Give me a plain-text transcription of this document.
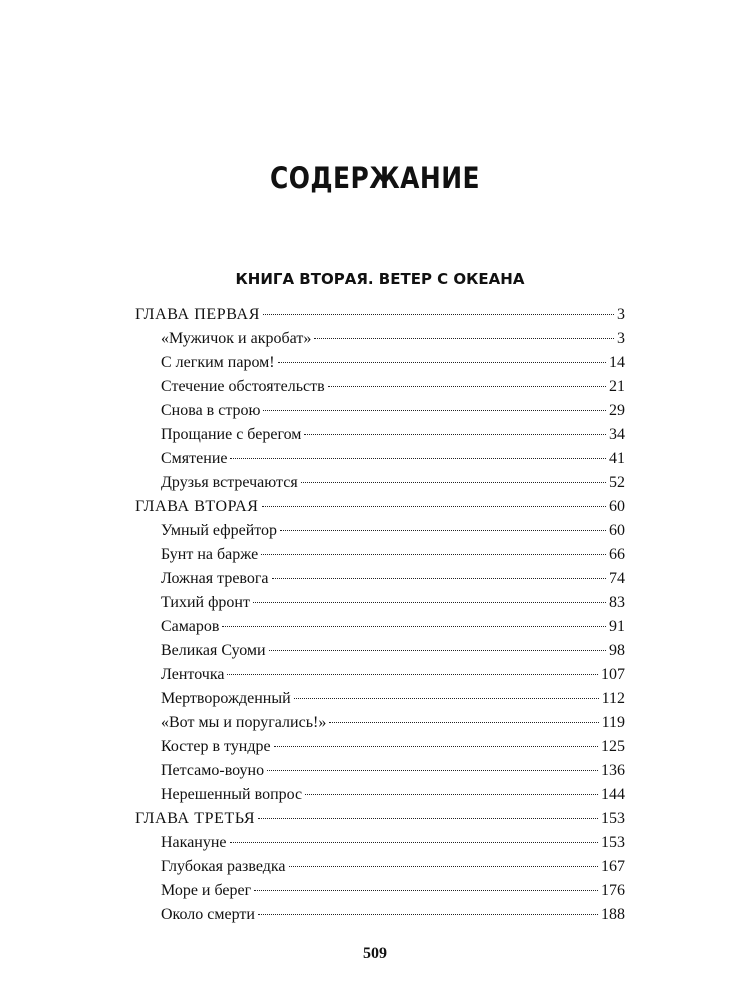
СОДЕРЖАНИЕ
КНИГА ВТОРАЯ. ВЕТЕР С ОКЕАНА
ГЛАВА ПЕРВАЯ	3
«Мужичок и акробат»	3
С легким паром!	14
Стечение обстоятельств	21
Снова в строю	29
Прощание с берегом	34
Смятение	41
Друзья встречаются	52
ГЛАВА ВТОРАЯ	60
Умный ефрейтор	60
Бунт на барже	66
Ложная тревога	74
Тихий фронт	83
Самаров	91
Великая Суоми	98
Ленточка	107
Мертворожденный	112
«Вот мы и поругались!»	119
Костер в тундре	125
Петсамо-воуно	136
Нерешенный вопрос	144
ГЛАВА ТРЕТЬЯ	153
Накануне	153
Глубокая разведка	167
Море и берег	176
Около смерти	188
509
